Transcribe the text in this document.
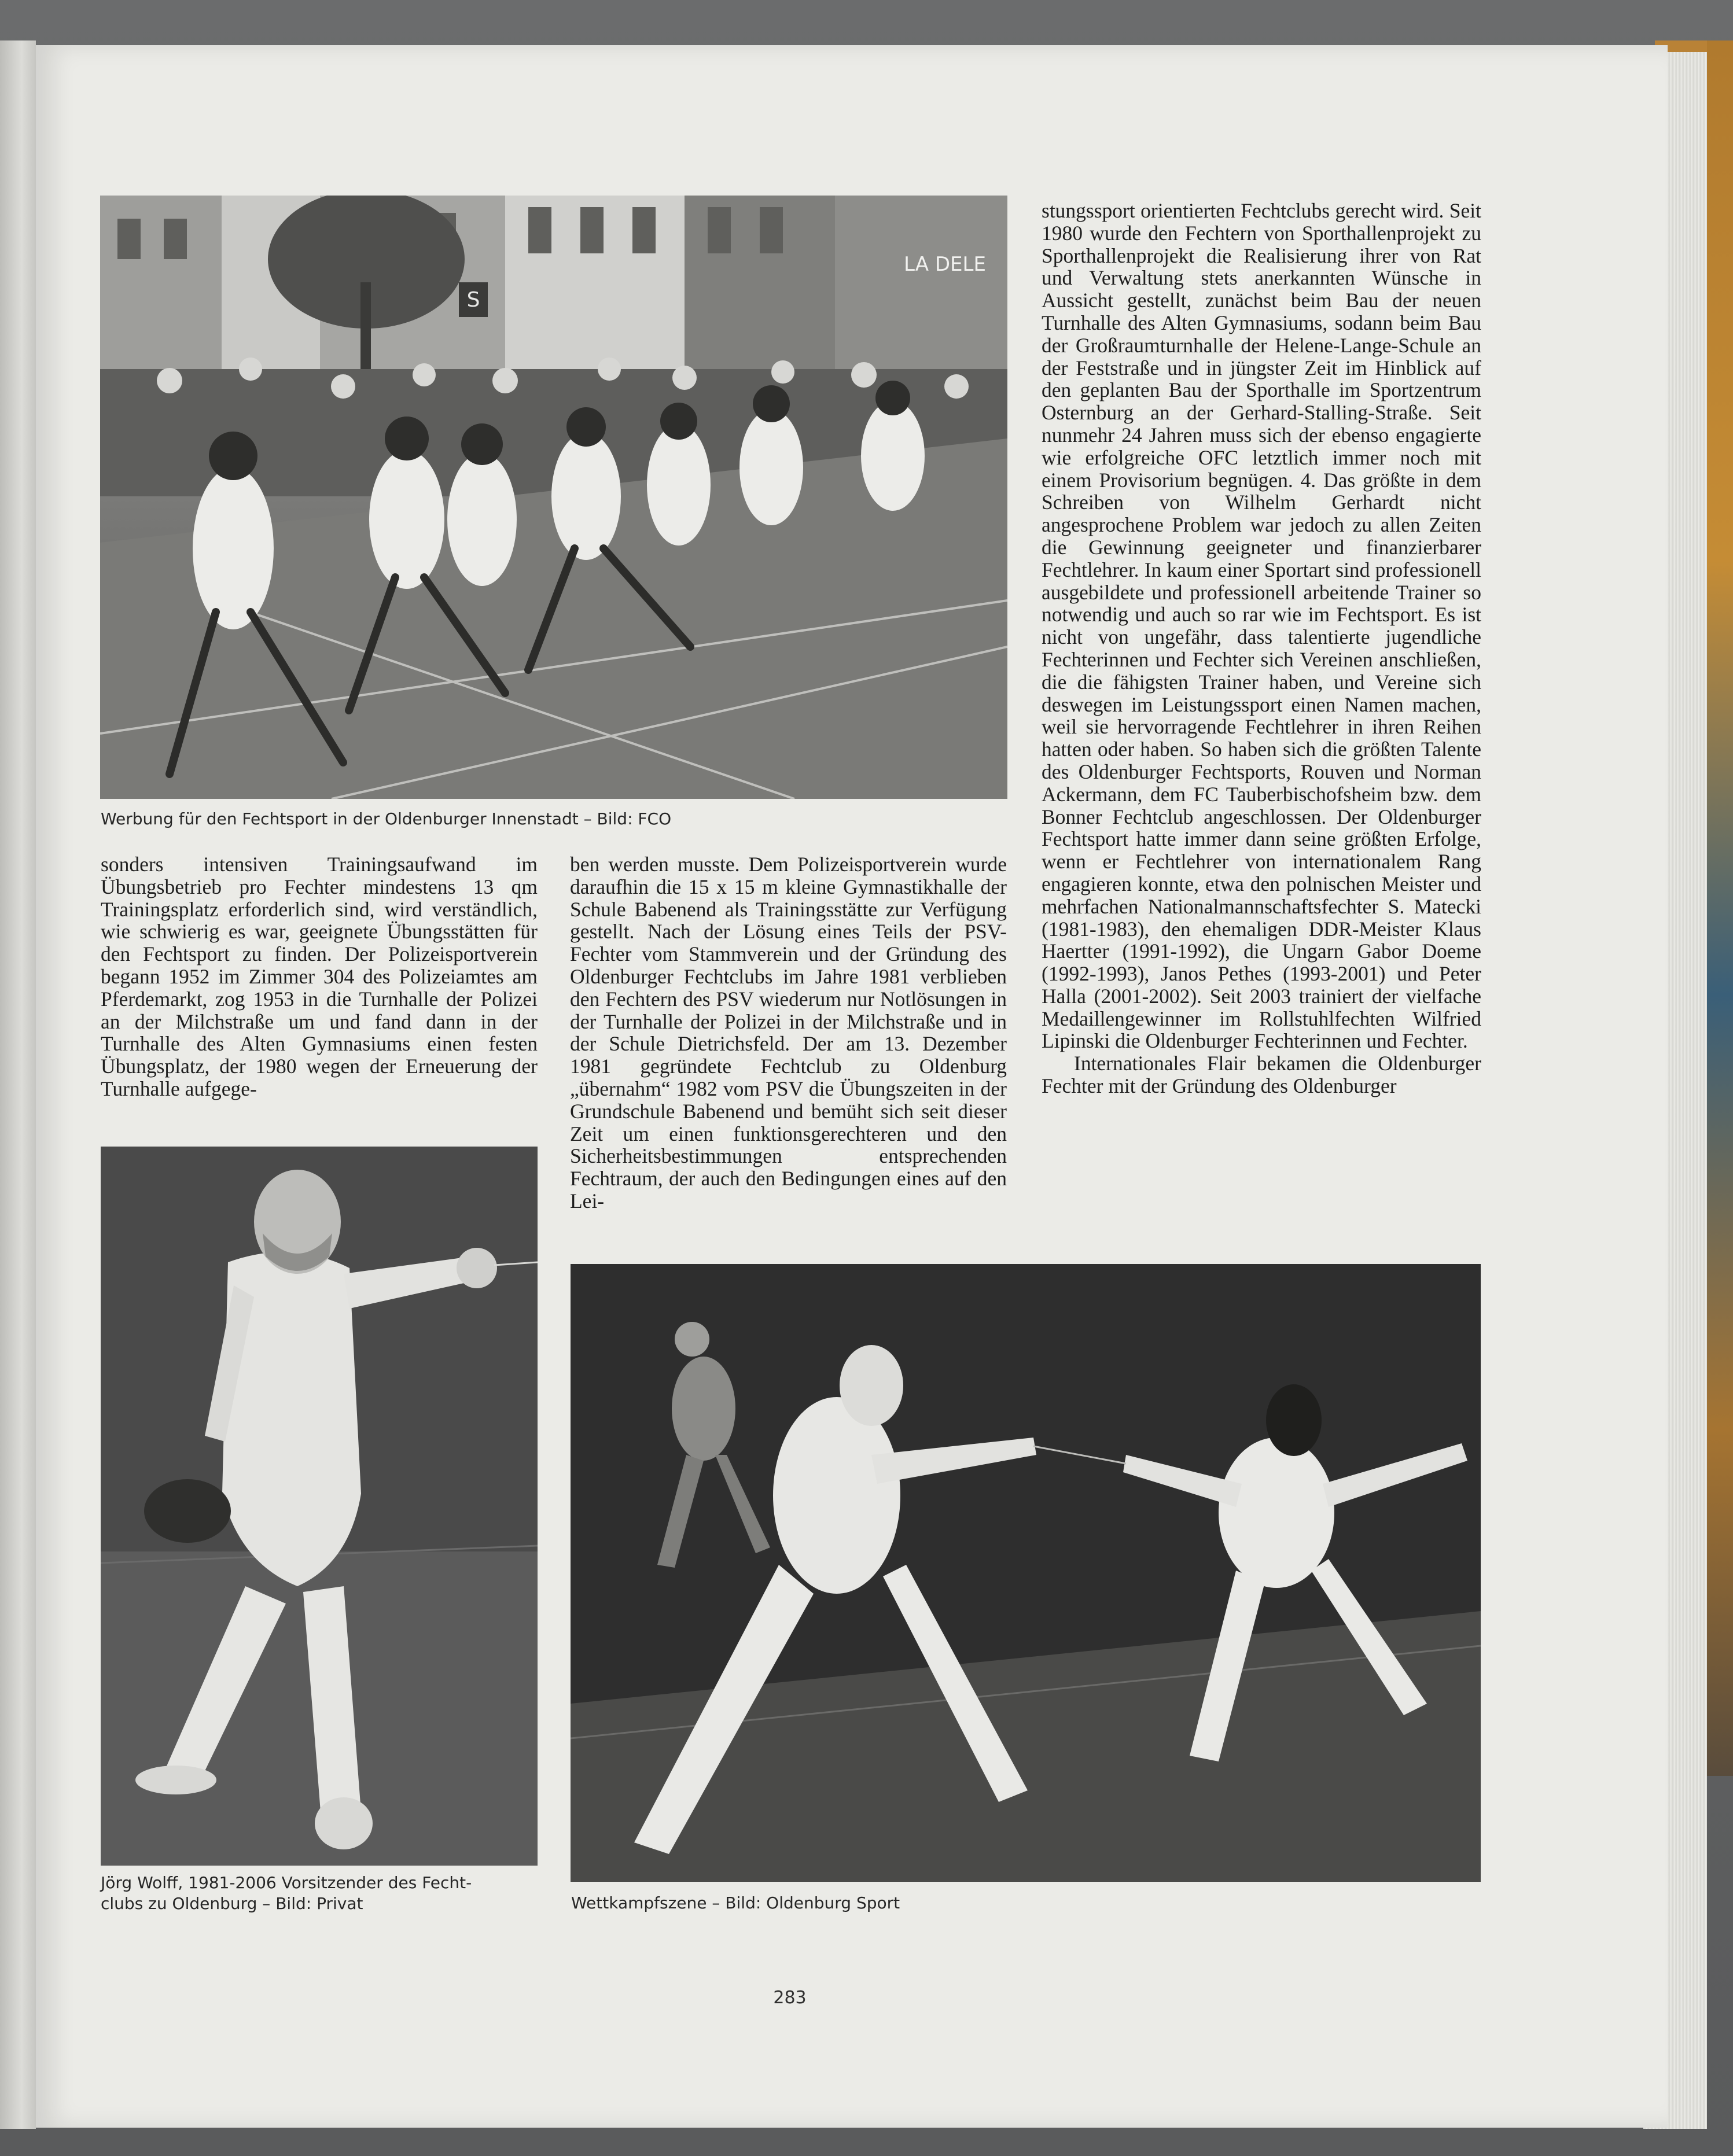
LA DELE
S
Werbung für den Fechtsport in der Oldenburger Innenstadt – Bild: FCO

sonders intensiven Trainingsaufwand im Übungsbetrieb pro Fechter mindestens 13 qm Trainingsplatz erforderlich sind, wird verständlich, wie schwierig es war, geeignete Übungsstätten für den Fechtsport zu finden. Der Polizeisportverein begann 1952 im Zimmer 304 des Polizeiamtes am Pferdemarkt, zog 1953 in die Turnhalle der Polizei an der Milchstraße um und fand dann in der Turnhalle des Alten Gymnasiums einen festen Übungsplatz, der 1980 wegen der Erneuerung der Turnhalle aufgege-

ben werden musste. Dem Polizeisportverein wurde daraufhin die 15 x 15 m kleine Gymnastikhalle der Schule Babenend als Trainingsstätte zur Verfügung gestellt. Nach der Lösung eines Teils der PSV-Fechter vom Stammverein und der Gründung des Oldenburger Fechtclubs im Jahre 1981 verblieben den Fechtern des PSV wiederum nur Notlösungen in der Turnhalle der Polizei in der Milchstraße und in der Schule Dietrichsfeld. Der am 13. Dezember 1981 gegründete Fechtclub zu Oldenburg „übernahm“ 1982 vom PSV die Übungszeiten in der Grundschule Babenend und bemüht sich seit dieser Zeit um einen funktionsgerechteren und den Sicherheitsbestimmungen entsprechenden Fechtraum, der auch den Bedingungen eines auf den Lei-

stungssport orientierten Fechtclubs gerecht wird. Seit 1980 wurde den Fechtern von Sporthallenprojekt zu Sporthallenprojekt die Realisierung ihrer von Rat und Verwaltung stets anerkannten Wünsche in Aussicht gestellt, zunächst beim Bau der neuen Turnhalle des Alten Gymnasiums, sodann beim Bau der Großraumturnhalle der Helene-Lange-Schule an der Feststraße und in jüngster Zeit im Hinblick auf den geplanten Bau der Sporthalle im Sportzentrum Osternburg an der Gerhard-Stalling-Straße. Seit nunmehr 24 Jahren muss sich der ebenso engagierte wie erfolgreiche OFC letztlich immer noch mit einem Provisorium begnügen. 4. Das größte in dem Schreiben von Wilhelm Gerhardt nicht angesprochene Problem war jedoch zu allen Zeiten die Gewinnung geeigneter und finanzierbarer Fechtlehrer. In kaum einer Sportart sind professionell ausgebildete und professionell arbeitende Trainer so notwendig und auch so rar wie im Fechtsport. Es ist nicht von ungefähr, dass talentierte jugendliche Fechterinnen und Fechter sich Vereinen anschließen, die die fähigsten Trainer haben, und Vereine sich deswegen im Leistungssport einen Namen machen, weil sie hervorragende Fechtlehrer in ihren Reihen hatten oder haben. So haben sich die größten Talente des Oldenburger Fechtsports, Rouven und Norman Ackermann, dem FC Tauberbischofsheim bzw. dem Bonner Fechtclub angeschlossen. Der Oldenburger Fechtsport hatte immer dann seine größten Erfolge, wenn er Fechtlehrer von internationalem Rang engagieren konnte, etwa den polnischen Meister und mehrfachen Nationalmannschaftsfechter S. Matecki (1981-1983), den ehemaligen DDR-Meister Klaus Haertter (1991-1992), die Ungarn Gabor Doeme (1992-1993), Janos Pethes (1993-2001) und Peter Halla (2001-2002). Seit 2003 trainiert der vielfache Medaillengewinner im Rollstuhlfechten Wilfried Lipinski die Oldenburger Fechterinnen und Fechter.

Internationales Flair bekamen die Oldenburger Fechter mit der Gründung des Oldenburger

Jörg Wolff, 1981-2006 Vorsitzender des Fecht-
clubs zu Oldenburg – Bild: Privat	Wettkampfszene – Bild: Oldenburg Sport
283
